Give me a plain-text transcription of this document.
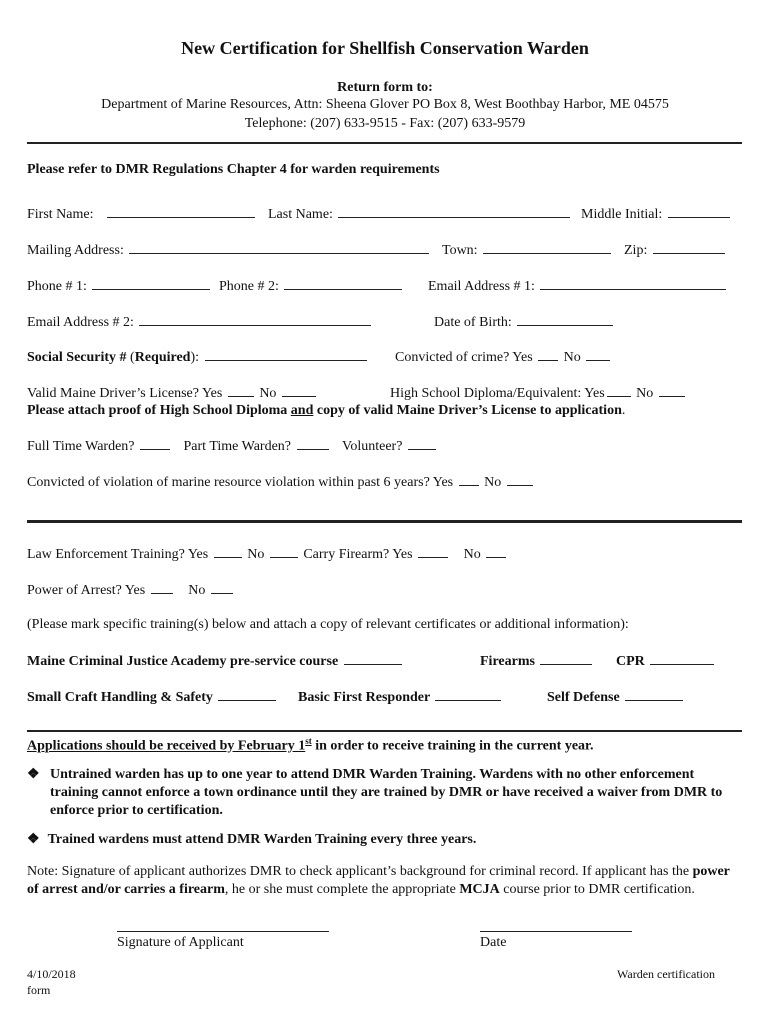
New Certification for Shellfish Conservation Warden
Return form to:
Department of Marine Resources, Attn: Sheena Glover PO Box 8, West Boothbay Harbor, ME 04575
Telephone: (207) 633-9515 - Fax: (207) 633-9579
Please refer to DMR Regulations Chapter 4 for warden requirements
First Name:	Last Name:	Middle Initial:
Mailing Address:	Town:	Zip:
Phone # 1:	Phone # 2:	Email Address # 1:
Email Address # 2:	Date of Birth:
Social Security # (Required):	Convicted of crime? Yes No
Valid Maine Driver’s License? Yes	No	High School Diploma/Equivalent: Yes No
Please attach proof of High School Diploma and copy of valid Maine Driver’s License to application.
Full Time Warden?	Part Time Warden?	Volunteer?
Convicted of violation of marine resource violation within past 6 years? Yes No
Law Enforcement Training? Yes	No	Carry Firearm? Yes	No
Power of Arrest? Yes	No
(Please mark specific training(s) below and attach a copy of relevant certificates or additional information):
Maine Criminal Justice Academy pre-service course	Firearms	CPR
Small Craft Handling & Safety	Basic First Responder	Self Defense
Applications should be received by February 1st in order to receive training in the current year.
❖ Untrained warden has up to one year to attend DMR Warden Training. Wardens with no other enforcement training cannot enforce a town ordinance until they are trained by DMR or have received a waiver from DMR to enforce prior to certification.
❖ Trained wardens must attend DMR Warden Training every three years.
Note: Signature of applicant authorizes DMR to check applicant’s background for criminal record. If applicant has the power of arrest and/or carries a firearm, he or she must complete the appropriate MCJA course prior to DMR certification.
Signature of Applicant	Date
4/10/2018
form
Warden certification
